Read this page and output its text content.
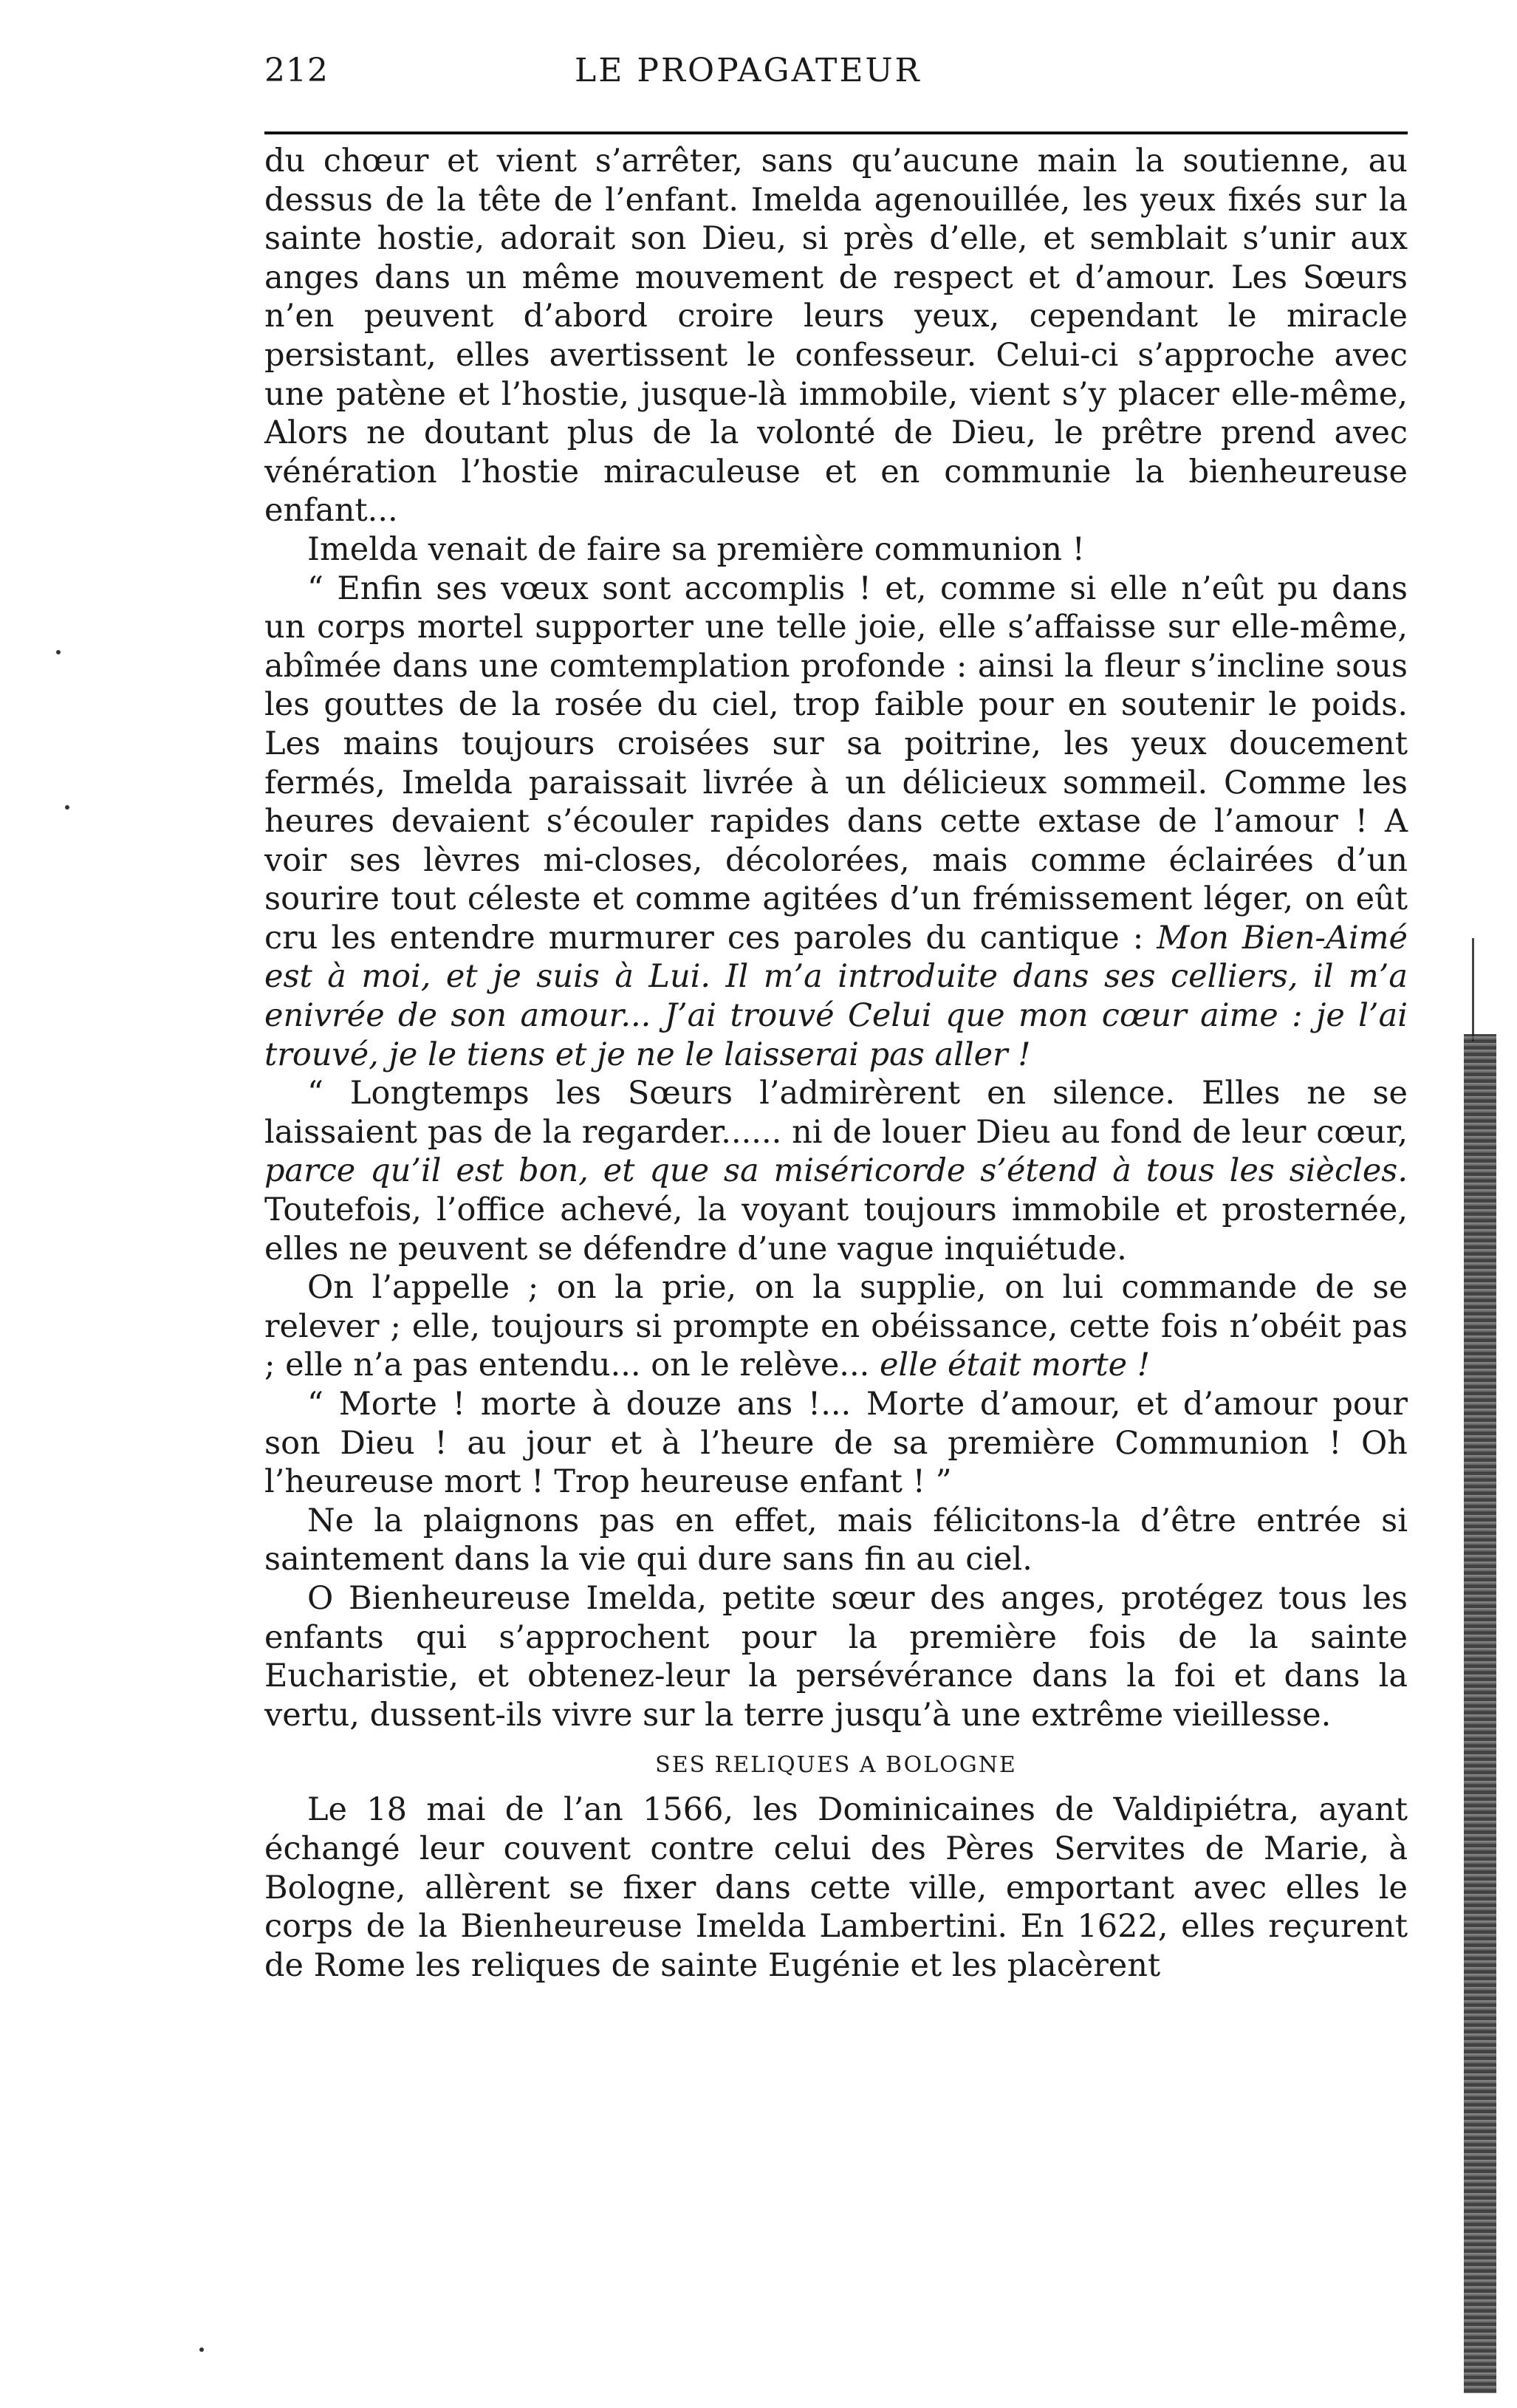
212	LE PROPAGATEUR

du chœur et vient s’arrêter, sans qu’aucune main la soutienne, au dessus de la tête de l’enfant. Imelda agenouillée, les yeux fixés sur la sainte hostie, adorait son Dieu, si près d’elle, et semblait s’unir aux anges dans un même mouvement de respect et d’amour. Les Sœurs n’en peuvent d’abord croire leurs yeux, cependant le miracle persistant, elles avertissent le confesseur. Celui-ci s’approche avec une patène et l’hostie, jusque-là immobile, vient s’y placer elle-même, Alors ne doutant plus de la volonté de Dieu, le prêtre prend avec vénération l’hostie miraculeuse et en communie la bienheureuse enfant...

Imelda venait de faire sa première communion !

“ Enfin ses vœux sont accomplis ! et, comme si elle n’eût pu dans un corps mortel supporter une telle joie, elle s’affaisse sur elle-même, abîmée dans une comtemplation profonde : ainsi la fleur s’incline sous les gouttes de la rosée du ciel, trop faible pour en soutenir le poids. Les mains toujours croisées sur sa poitrine, les yeux doucement fermés, Imelda paraissait livrée à un délicieux sommeil. Comme les heures devaient s’écouler rapides dans cette extase de l’amour ! A voir ses lèvres mi-closes, décolorées, mais comme éclairées d’un sourire tout céleste et comme agitées d’un frémissement léger, on eût cru les entendre murmurer ces paroles du cantique : Mon Bien-Aimé est à moi, et je suis à Lui. Il m’a introduite dans ses celliers, il m’a enivrée de son amour... J’ai trouvé Celui que mon cœur aime : je l’ai trouvé, je le tiens et je ne le laisserai pas aller !

“ Longtemps les Sœurs l’admirèrent en silence. Elles ne se laissaient pas de la regarder...... ni de louer Dieu au fond de leur cœur, parce qu’il est bon, et que sa miséricorde s’étend à tous les siècles. Toutefois, l’office achevé, la voyant toujours immobile et prosternée, elles ne peuvent se défendre d’une vague inquiétude.

On l’appelle ; on la prie, on la supplie, on lui commande de se relever ; elle, toujours si prompte en obéissance, cette fois n’obéit pas ; elle n’a pas entendu... on le relève... elle était morte !

“ Morte ! morte à douze ans !... Morte d’amour, et d’amour pour son Dieu ! au jour et à l’heure de sa première Communion ! Oh l’heureuse mort ! Trop heureuse enfant ! ”

Ne la plaignons pas en effet, mais félicitons-la d’être entrée si saintement dans la vie qui dure sans fin au ciel.

O Bienheureuse Imelda, petite sœur des anges, protégez tous les enfants qui s’approchent pour la première fois de la sainte Eucharistie, et obtenez-leur la persévérance dans la foi et dans la vertu, dussent-ils vivre sur la terre jusqu’à une extrême vieillesse.

SES RELIQUES A BOLOGNE

Le 18 mai de l’an 1566, les Dominicaines de Valdipiétra, ayant échangé leur couvent contre celui des Pères Servites de Marie, à Bologne, allèrent se fixer dans cette ville, emportant avec elles le corps de la Bienheureuse Imelda Lambertini. En 1622, elles reçurent de Rome les reliques de sainte Eugénie et les placèrent
